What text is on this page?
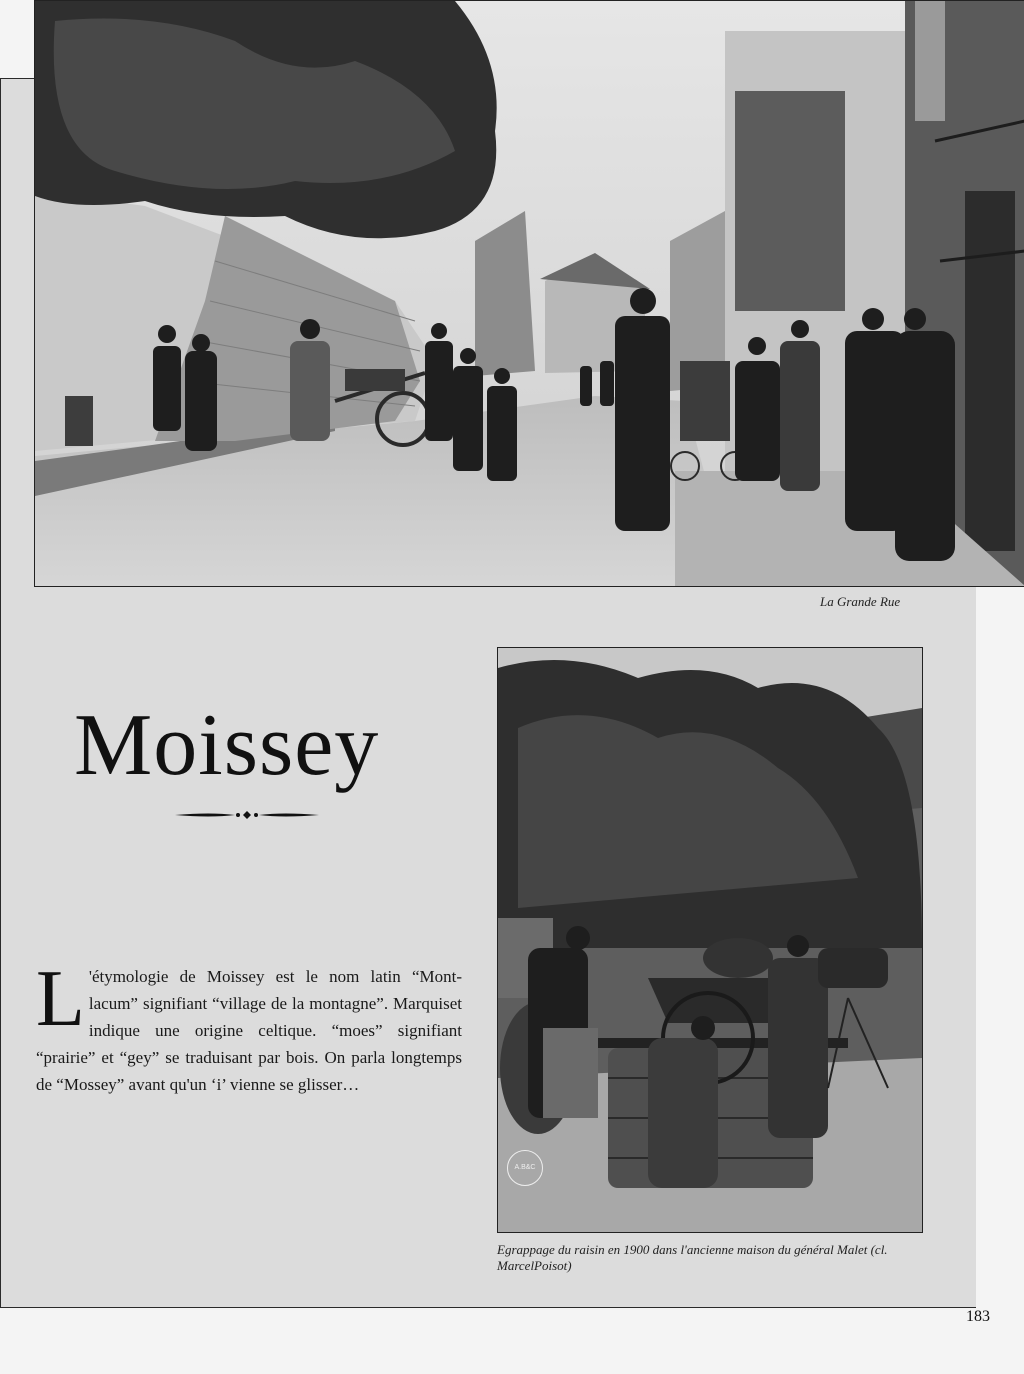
La Grande Rue
Moissey
L 'étymologie de Moissey est le nom latin “Mont-lacum” signifiant “village de la montagne”. Marquiset indique une origine celtique. “moes” signifiant “prairie” et “gey” se traduisant par bois. On parla longtemps de “Mossey” avant qu'un ‘i’ vienne se glisser…
A.B&C
Egrappage du raisin en 1900 dans l'ancienne maison du général Malet (cl. MarcelPoisot)
183
